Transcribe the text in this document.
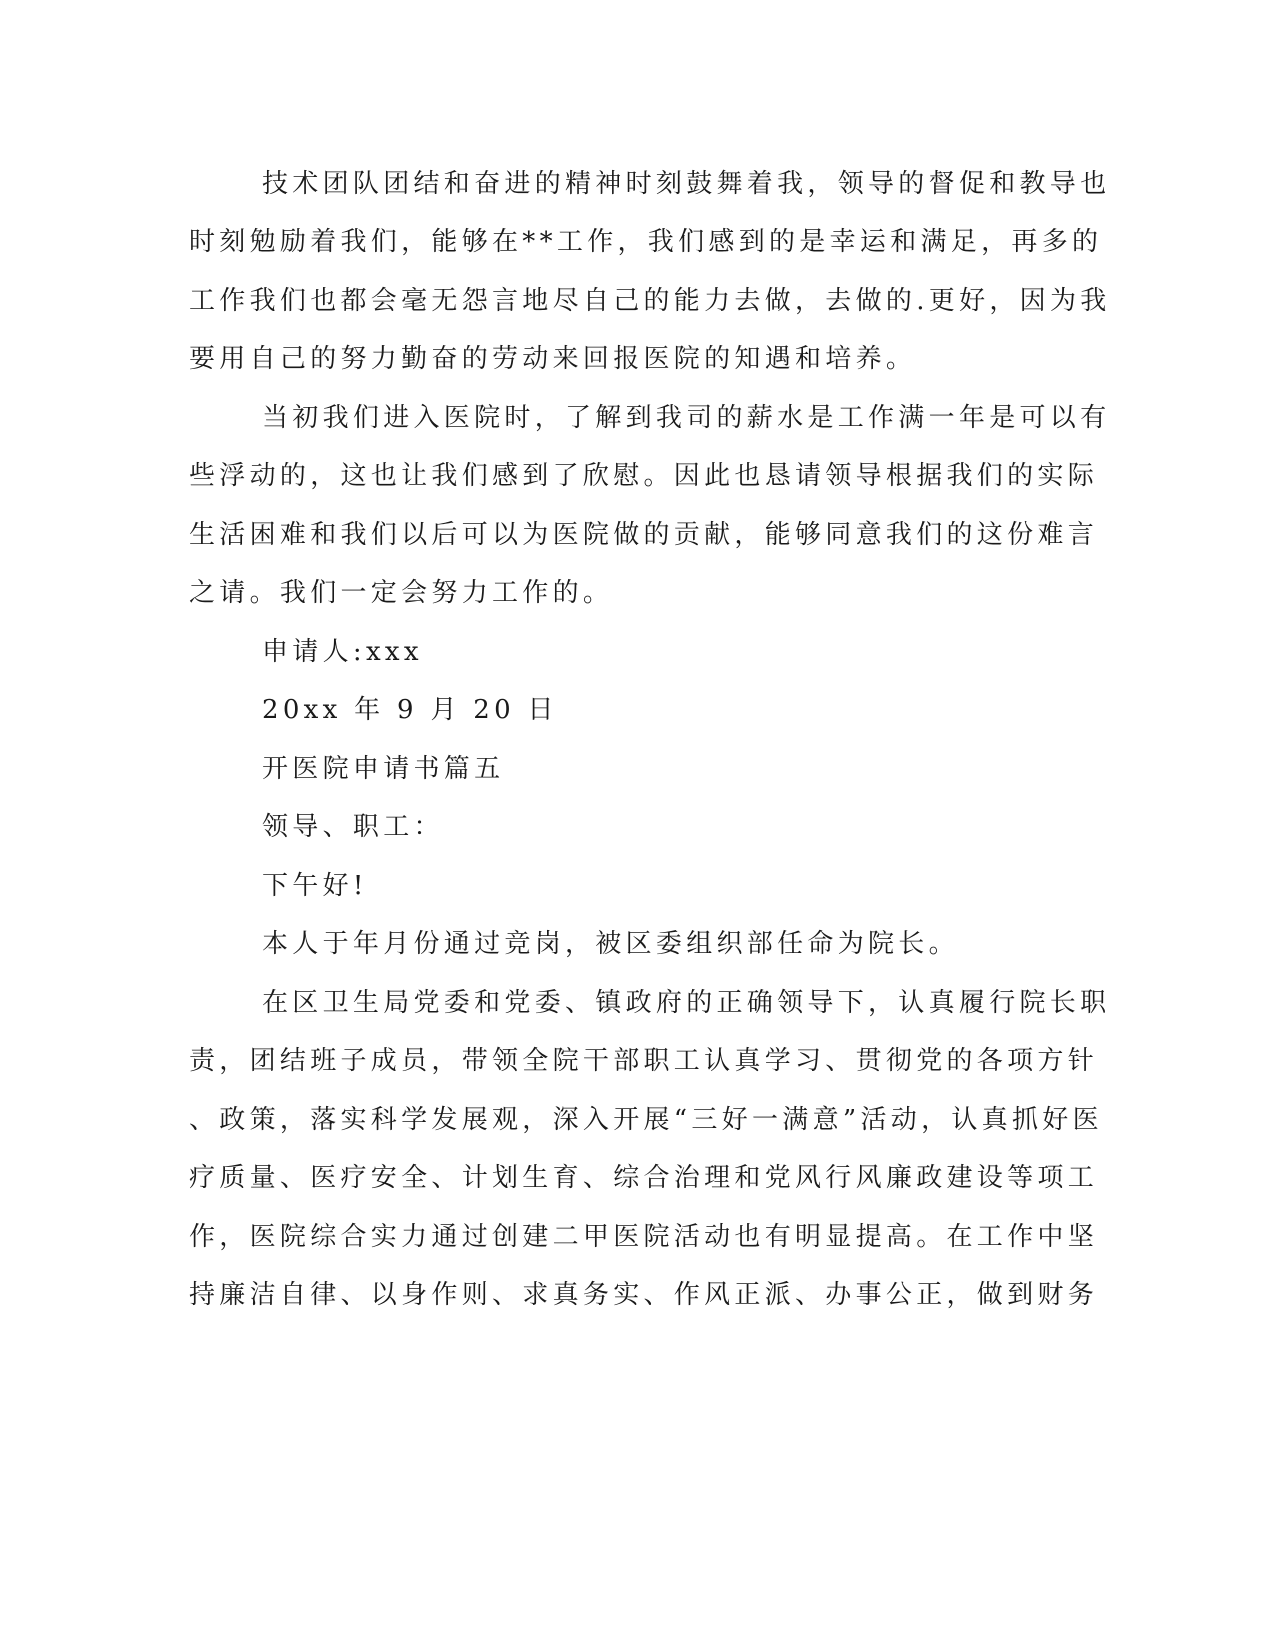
技术团队团结和奋进的精神时刻鼓舞着我，领导的督促和教导也

时刻勉励着我们，能够在**工作，我们感到的是幸运和满足，再多的

工作我们也都会毫无怨言地尽自己的能力去做，去做的.更好，因为我

要用自己的努力勤奋的劳动来回报医院的知遇和培养。

当初我们进入医院时，了解到我司的薪水是工作满一年是可以有

些浮动的，这也让我们感到了欣慰。因此也恳请领导根据我们的实际

生活困难和我们以后可以为医院做的贡献，能够同意我们的这份难言

之请。我们一定会努力工作的。

申请人:xxx

20xx 年 9 月 20 日

开医院申请书篇五

领导、职工：

下午好!

本人于年月份通过竞岗，被区委组织部任命为院长。

在区卫生局党委和党委、镇政府的正确领导下，认真履行院长职

责，团结班子成员，带领全院干部职工认真学习、贯彻党的各项方针

、政策，落实科学发展观，深入开展“三好一满意”活动，认真抓好医

疗质量、医疗安全、计划生育、综合治理和党风行风廉政建设等项工

作，医院综合实力通过创建二甲医院活动也有明显提高。在工作中坚

持廉洁自律、以身作则、求真务实、作风正派、办事公正，做到财务
